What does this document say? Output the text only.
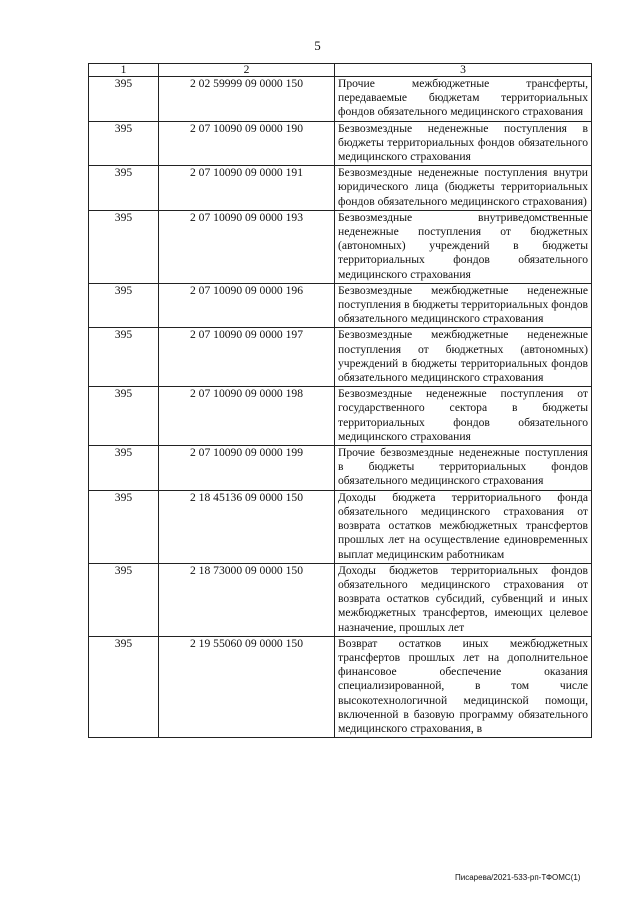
5
1	2	3
395	2 02 59999 09 0000 150	Прочие межбюджетные трансферты, передаваемые бюджетам территориальных фондов обязательного медицинского страхования
395	2 07 10090 09 0000 190	Безвозмездные неденежные поступления в бюджеты территориальных фондов обязательного медицинского страхования
395	2 07 10090 09 0000 191	Безвозмездные неденежные поступления внутри юридического лица (бюджеты территориальных фондов обязательного медицинского страхования)
395	2 07 10090 09 0000 193	Безвозмездные внутриведомственные неденежные поступления от бюджетных (автономных) учреждений в бюджеты территориальных фондов обязательного медицинского страхования
395	2 07 10090 09 0000 196	Безвозмездные межбюджетные неденежные поступления в бюджеты территориальных фондов обязательного медицинского страхования
395	2 07 10090 09 0000 197	Безвозмездные межбюджетные неденежные поступления от бюджетных (автономных) учреждений в бюджеты территориальных фондов обязательного медицинского страхования
395	2 07 10090 09 0000 198	Безвозмездные неденежные поступления от государственного сектора в бюджеты территориальных фондов обязательного медицинского страхования
395	2 07 10090 09 0000 199	Прочие безвозмездные неденежные поступления в бюджеты территориальных фондов обязательного медицинского страхования
395	2 18 45136 09 0000 150	Доходы бюджета территориального фонда обязательного медицинского страхования от возврата остатков межбюджетных трансфертов прошлых лет на осуществление единовременных выплат медицинским работникам
395	2 18 73000 09 0000 150	Доходы бюджетов территориальных фондов обязательного медицинского страхования от возврата остатков субсидий, субвенций и иных межбюджетных трансфертов, имеющих целевое назначение, прошлых лет
395	2 19 55060 09 0000 150	Возврат остатков иных межбюджетных трансфертов прошлых лет на дополнительное финансовое обеспечение оказания специализированной, в том числе высокотехнологичной медицинской помощи, включенной в базовую программу обязательного медицинского страхования, в
Писарева/2021-533-рп-ТФОМС(1)
